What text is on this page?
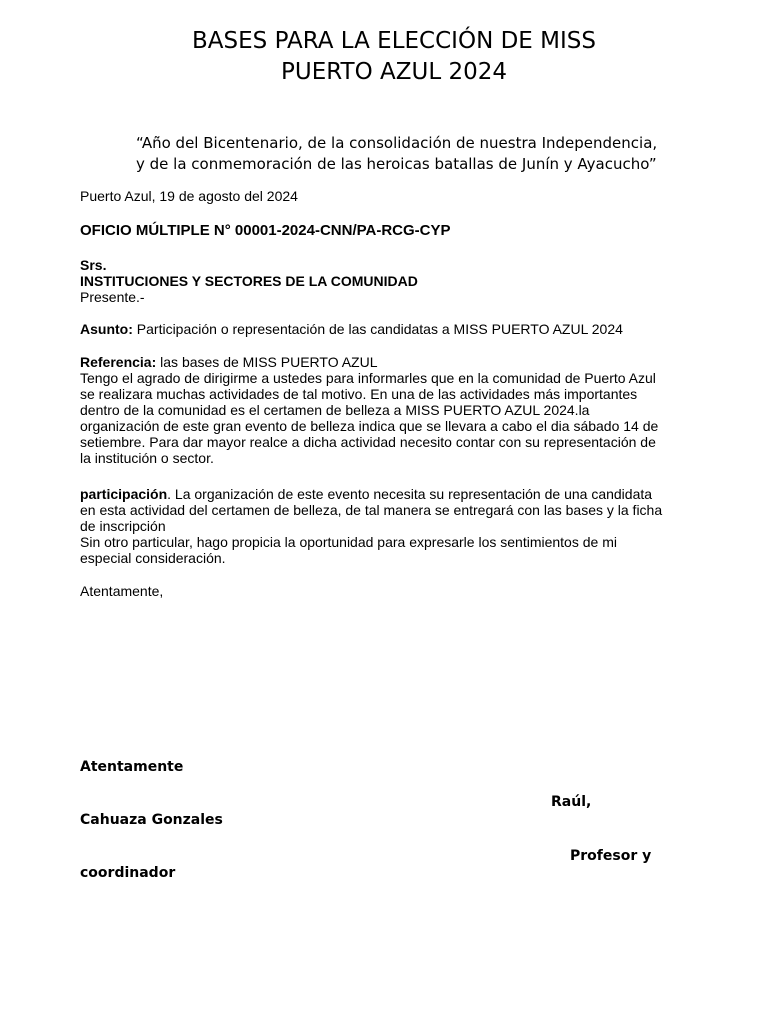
BASES PARA LA ELECCIÓN DE MISS
PUERTO AZUL 2024
“Año del Bicentenario, de la consolidación de nuestra Independencia,
y de la conmemoración de las heroicas batallas de Junín y Ayacucho”
Puerto Azul, 19 de agosto del 2024
OFICIO MÚLTIPLE N° 00001-2024-CNN/PA-RCG-CYP
Srs.
INSTITUCIONES Y SECTORES DE LA COMUNIDAD
Presente.-
Asunto: Participación o representación de las candidatas a MISS PUERTO AZUL 2024
Referencia: las bases de MISS PUERTO AZUL
Tengo el agrado de dirigirme a ustedes para informarles que en la comunidad de Puerto Azul
se realizara muchas actividades de tal motivo. En una de las actividades más importantes
dentro de la comunidad es el certamen de belleza a MISS PUERTO AZUL 2024.la
organización de este gran evento de belleza indica que se llevara a cabo el dia sábado 14 de
setiembre. Para dar mayor realce a dicha actividad necesito contar con su representación de
la institución o sector.
participación. La organización de este evento necesita su representación de una candidata
en esta actividad del certamen de belleza, de tal manera se entregará con las bases y la ficha
de inscripción
Sin otro particular, hago propicia la oportunidad para expresarle los sentimientos de mi
especial consideración.
Atentamente,
Atentamente
Raúl,
Cahuaza Gonzales
Profesor y
coordinador
